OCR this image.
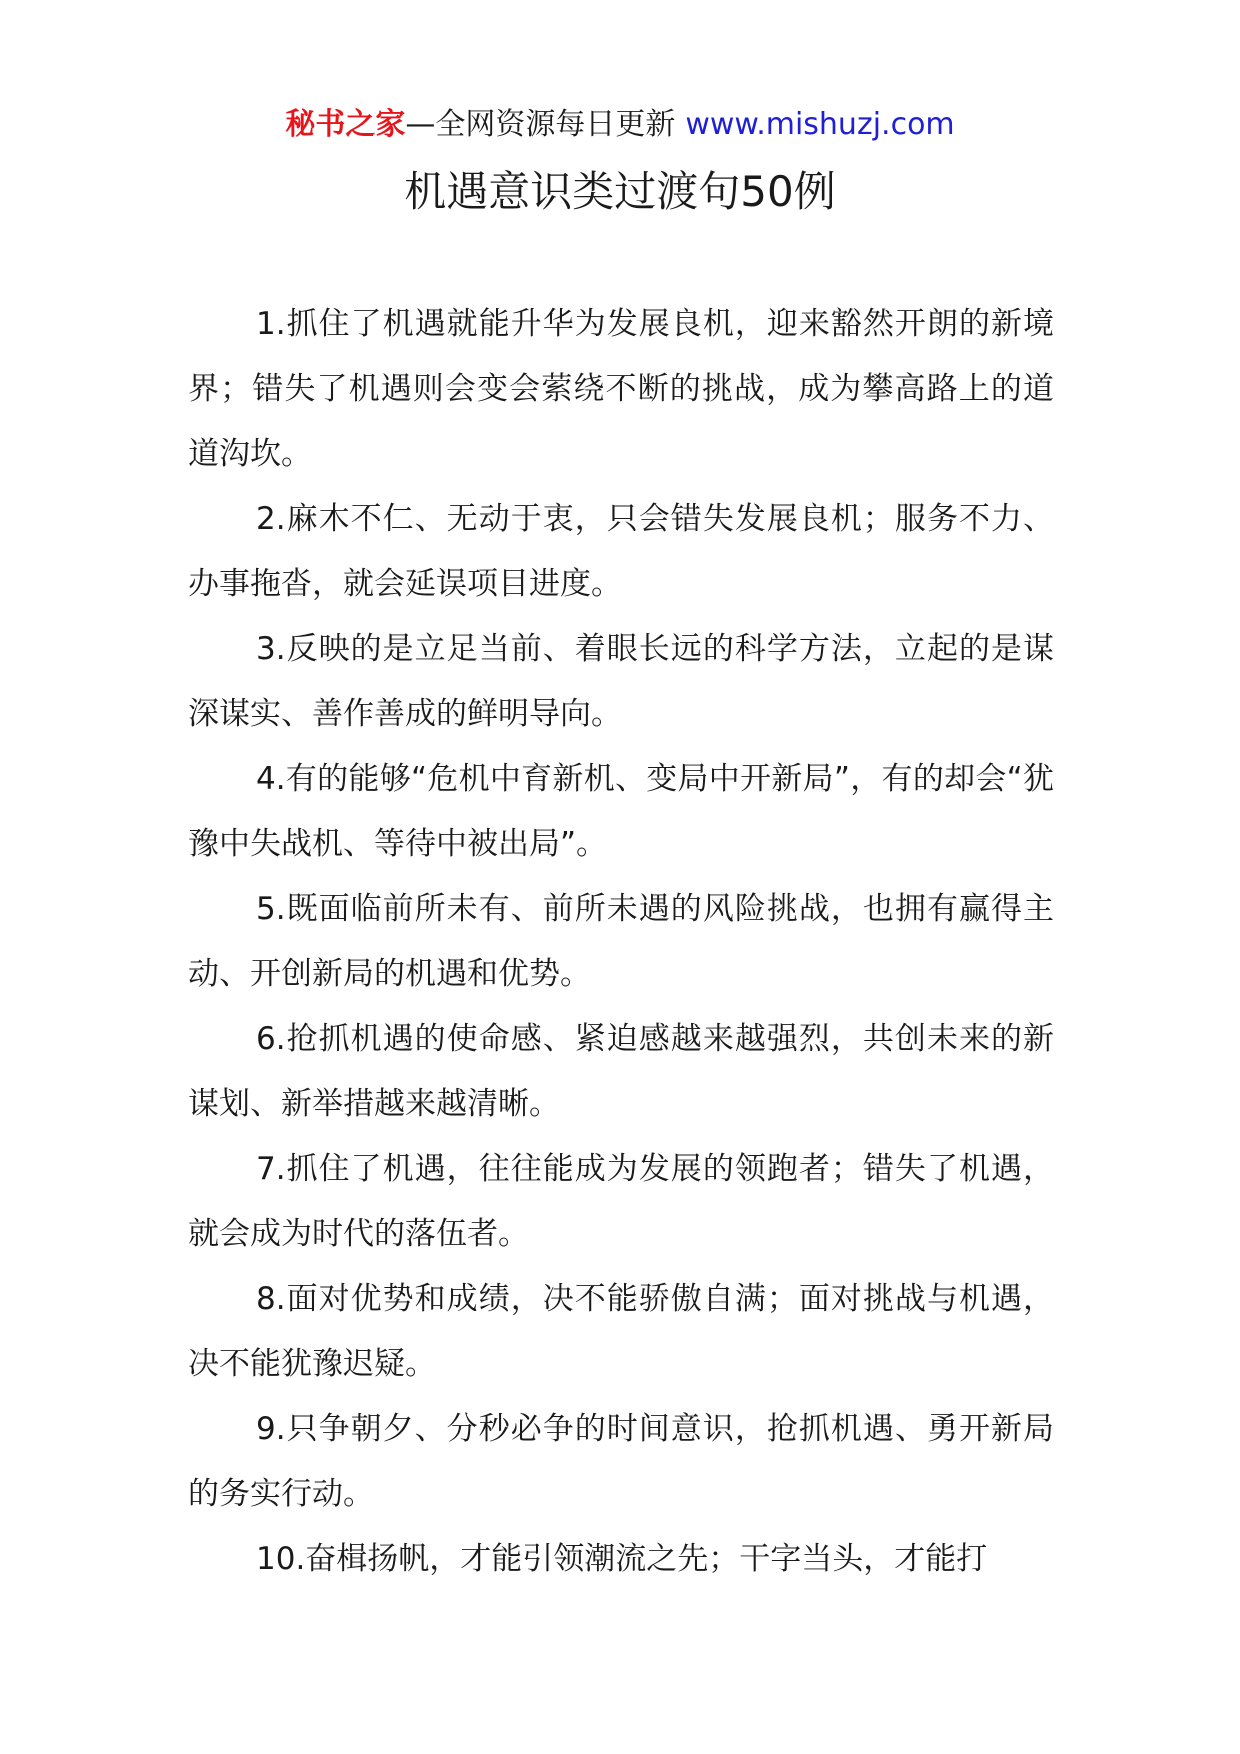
秘书之家—全网资源每日更新 www.mishuzj.com
机遇意识类过渡句50例

1.抓住了机遇就能升华为发展良机，迎来豁然开朗的新境界；错失了机遇则会变会萦绕不断的挑战，成为攀高路上的道道沟坎。

2.麻木不仁、无动于衷，只会错失发展良机；服务不力、办事拖沓，就会延误项目进度。

3.反映的是立足当前、着眼长远的科学方法，立起的是谋深谋实、善作善成的鲜明导向。

4.有的能够“危机中育新机、变局中开新局”，有的却会“犹豫中失战机、等待中被出局”。

5.既面临前所未有、前所未遇的风险挑战，也拥有赢得主动、开创新局的机遇和优势。

6.抢抓机遇的使命感、紧迫感越来越强烈，共创未来的新谋划、新举措越来越清晰。

7.抓住了机遇，往往能成为发展的领跑者；错失了机遇，就会成为时代的落伍者。

8.面对优势和成绩，决不能骄傲自满；面对挑战与机遇，决不能犹豫迟疑。

9.只争朝夕、分秒必争的时间意识，抢抓机遇、勇开新局的务实行动。

10.奋楫扬帆，才能引领潮流之先；干字当头，才能打
